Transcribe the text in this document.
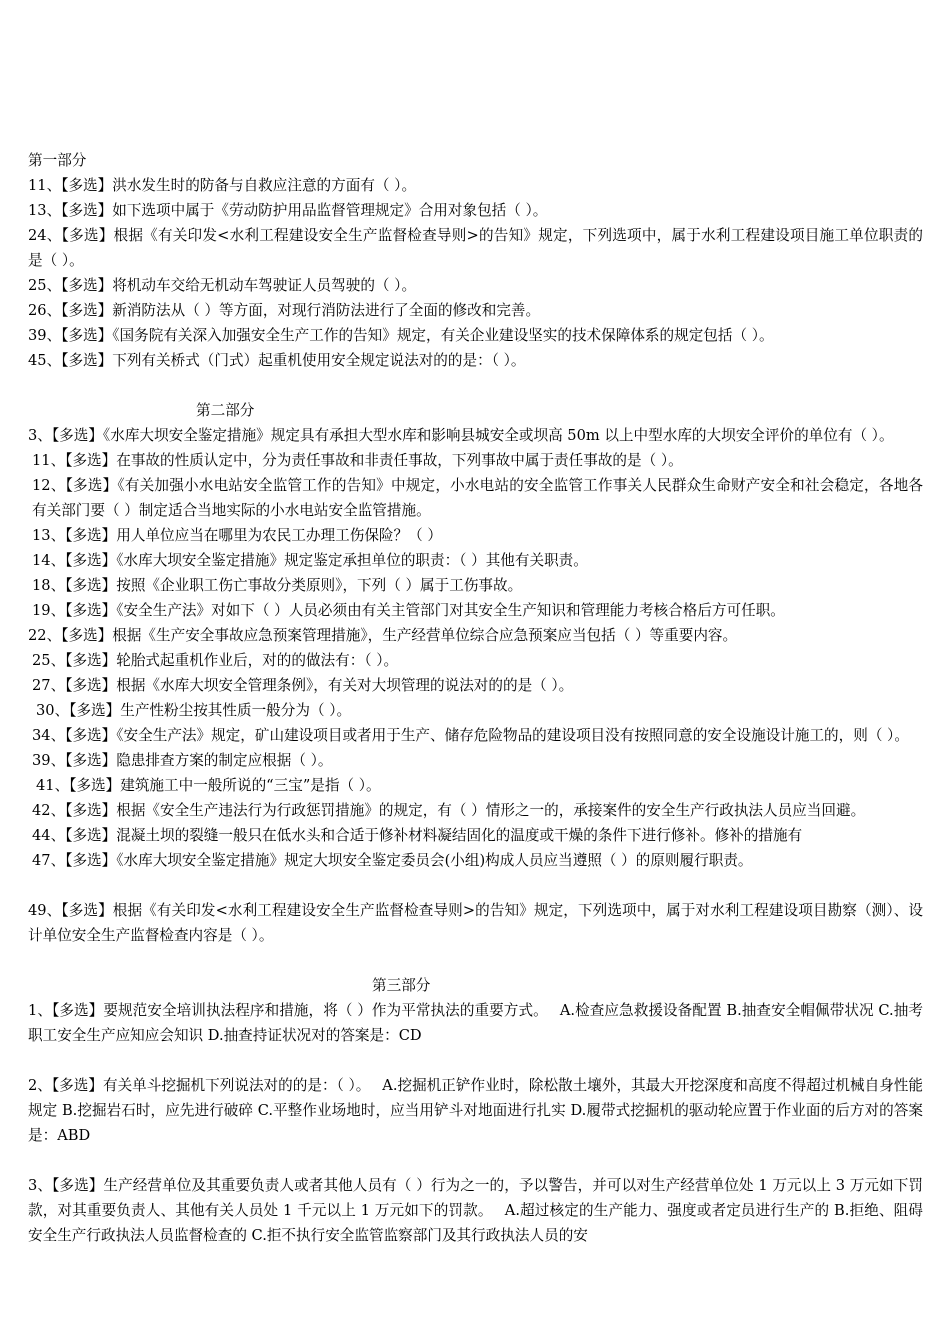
第一部分

11、【多选】洪水发生时的防备与自救应注意的方面有（ ）。

13、【多选】如下选项中属于《劳动防护用品监督管理规定》合用对象包括（ ）。

24、【多选】根据《有关印发<水利工程建设安全生产监督检查导则>的告知》规定，下列选项中，属于水利工程建设项目施工单位职责的是（ ）。

25、【多选】将机动车交给无机动车驾驶证人员驾驶的（ ）。

26、【多选】新消防法从（ ）等方面，对现行消防法进行了全面的修改和完善。

39、【多选】《国务院有关深入加强安全生产工作的告知》规定，有关企业建设坚实的技术保障体系的规定包括（ ）。

45、【多选】下列有关桥式（门式）起重机使用安全规定说法对的的是：（ ）。

第二部分

3、【多选】《水库大坝安全鉴定措施》规定具有承担大型水库和影响县城安全或坝高 50m 以上中型水库的大坝安全评价的单位有（ ）。

11、【多选】在事故的性质认定中，分为责任事故和非责任事故，下列事故中属于责任事故的是（ ）。

12、【多选】《有关加强小水电站安全监管工作的告知》中规定，小水电站的安全监管工作事关人民群众生命财产安全和社会稳定，各地各有关部门要（ ）制定适合当地实际的小水电站安全监管措施。

13、【多选】用人单位应当在哪里为农民工办理工伤保险？（ ）

14、【多选】《水库大坝安全鉴定措施》规定鉴定承担单位的职责：（ ）其他有关职责。

18、【多选】按照《企业职工伤亡事故分类原则》，下列（ ）属于工伤事故。

19、【多选】《安全生产法》对如下（ ）人员必须由有关主管部门对其安全生产知识和管理能力考核合格后方可任职。

22、【多选】根据《生产安全事故应急预案管理措施》，生产经营单位综合应急预案应当包括（ ）等重要内容。

25、【多选】轮胎式起重机作业后，对的的做法有：（ ）。

27、【多选】根据《水库大坝安全管理条例》，有关对大坝管理的说法对的的是（ ）。

30、【多选】生产性粉尘按其性质一般分为（ ）。

34、【多选】《安全生产法》规定，矿山建设项目或者用于生产、储存危险物品的建设项目没有按照同意的安全设施设计施工的，则（ ）。

39、【多选】隐患排查方案的制定应根据（ ）。

41、【多选】建筑施工中一般所说的“三宝”是指（ ）。

42、【多选】根据《安全生产违法行为行政惩罚措施》的规定，有（ ）情形之一的，承接案件的安全生产行政执法人员应当回避。

44、【多选】混凝土坝的裂缝一般只在低水头和合适于修补材料凝结固化的温度或干燥的条件下进行修补。修补的措施有

47、【多选】《水库大坝安全鉴定措施》规定大坝安全鉴定委员会(小组)构成人员应当遵照（ ）的原则履行职责。

49、【多选】根据《有关印发<水利工程建设安全生产监督检查导则>的告知》规定，下列选项中，属于对水利工程建设项目勘察（测）、设计单位安全生产监督检查内容是（ ）。

第三部分

1、【多选】要规范安全培训执法程序和措施，将（ ）作为平常执法的重要方式。　 A.检查应急救援设备配置 B.抽查安全帽佩带状况 C.抽考职工安全生产应知应会知识 D.抽查持证状况对的答案是：CD

2、【多选】有关单斗挖掘机下列说法对的的是：（ ）。　 A.挖掘机正铲作业时，除松散土壤外，其最大开挖深度和高度不得超过机械自身性能规定 B.挖掘岩石时，应先进行破碎 C.平整作业场地时，应当用铲斗对地面进行扎实 D.履带式挖掘机的驱动轮应置于作业面的后方对的答案是：ABD

3、【多选】生产经营单位及其重要负责人或者其他人员有（ ）行为之一的，予以警告，并可以对生产经营单位处 1 万元以上 3 万元如下罚款，对其重要负责人、其他有关人员处 1 千元以上 1 万元如下的罚款。　 A.超过核定的生产能力、强度或者定员进行生产的 B.拒绝、阻碍安全生产行政执法人员监督检查的 C.拒不执行安全监管监察部门及其行政执法人员的安
